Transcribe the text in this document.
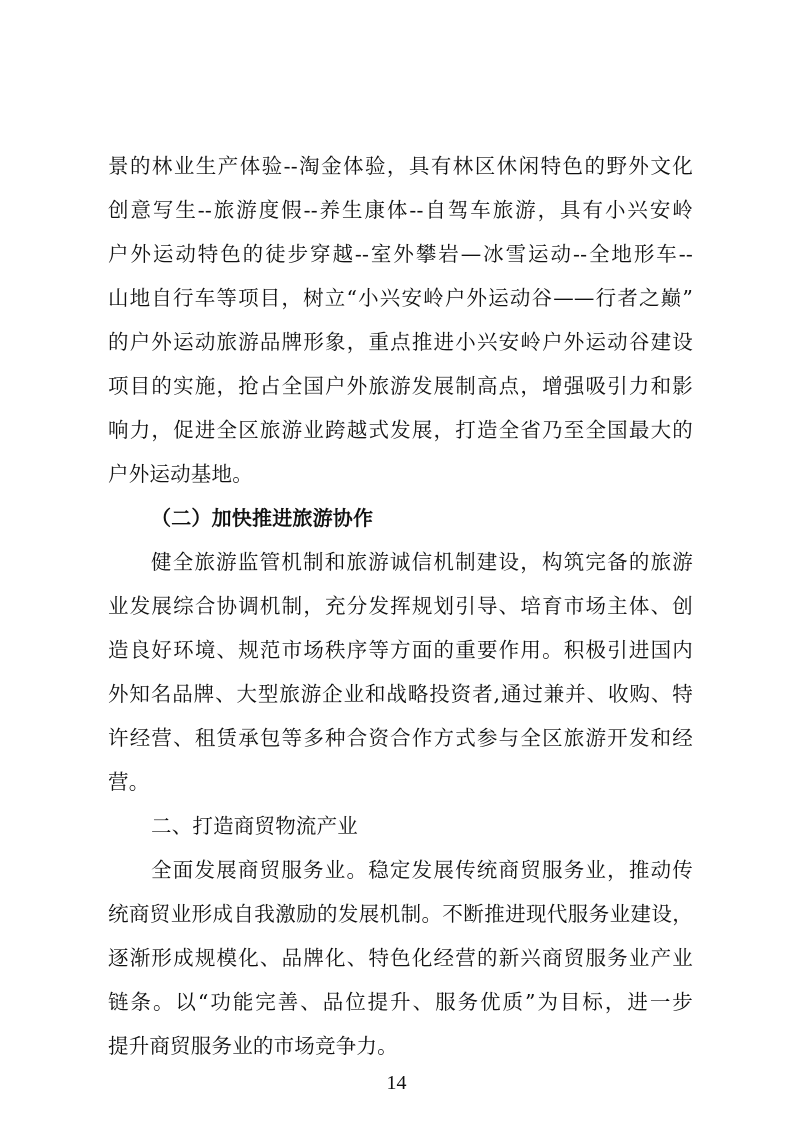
景的林业生产体验--淘金体验，具有林区休闲特色的野外文化
创意写生--旅游度假--养生康体--自驾车旅游，具有小兴安岭
户外运动特色的徒步穿越--室外攀岩—冰雪运动--全地形车--
山地自行车等项目，树立“小兴安岭户外运动谷——行者之巅”
的户外运动旅游品牌形象，重点推进小兴安岭户外运动谷建设
项目的实施，抢占全国户外旅游发展制高点，增强吸引力和影
响力，促进全区旅游业跨越式发展，打造全省乃至全国最大的
户外运动基地。
（二）加快推进旅游协作
健全旅游监管机制和旅游诚信机制建设，构筑完备的旅游
业发展综合协调机制，充分发挥规划引导、培育市场主体、创
造良好环境、规范市场秩序等方面的重要作用。积极引进国内
外知名品牌、大型旅游企业和战略投资者,通过兼并、收购、特
许经营、租赁承包等多种合资合作方式参与全区旅游开发和经
营。
二、打造商贸物流产业
全面发展商贸服务业。稳定发展传统商贸服务业，推动传
统商贸业形成自我激励的发展机制。不断推进现代服务业建设，
逐渐形成规模化、品牌化、特色化经营的新兴商贸服务业产业
链条。以“功能完善、品位提升、服务优质”为目标，进一步
提升商贸服务业的市场竞争力。
14
